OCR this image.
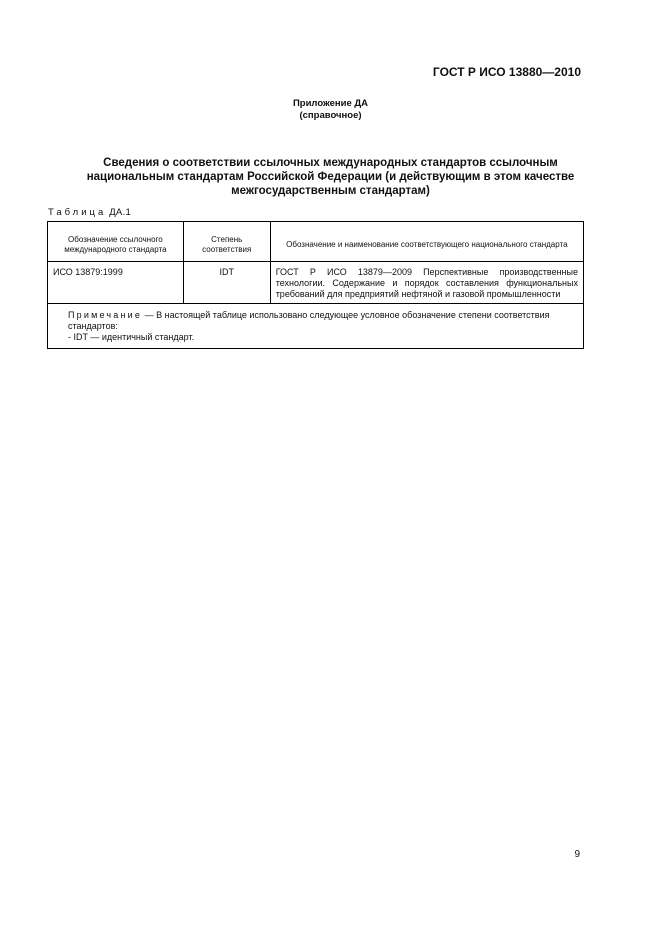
ГОСТ Р ИСО 13880—2010
Приложение ДА
(справочное)
Сведения о соответствии ссылочных международных стандартов ссылочным
национальным стандартам Российской Федерации (и действующим в этом качестве
межгосударственным стандартам)
Таблица ДА.1
Обозначение ссылочного международного стандарта	Степень соответствия	Обозначение и наименование соответствующего национального стандарта
ИСО 13879:1999	IDT	ГОСТ Р ИСО 13879—2009 Перспективные производственные технологии. Содержание и порядок составления функциональных требований для предприятий нефтяной и газовой промышленности

Примечание — В настоящей таблице использовано следующее условное обозначение степени соответствия стандартов:
- IDT — идентичный стандарт.		
9
